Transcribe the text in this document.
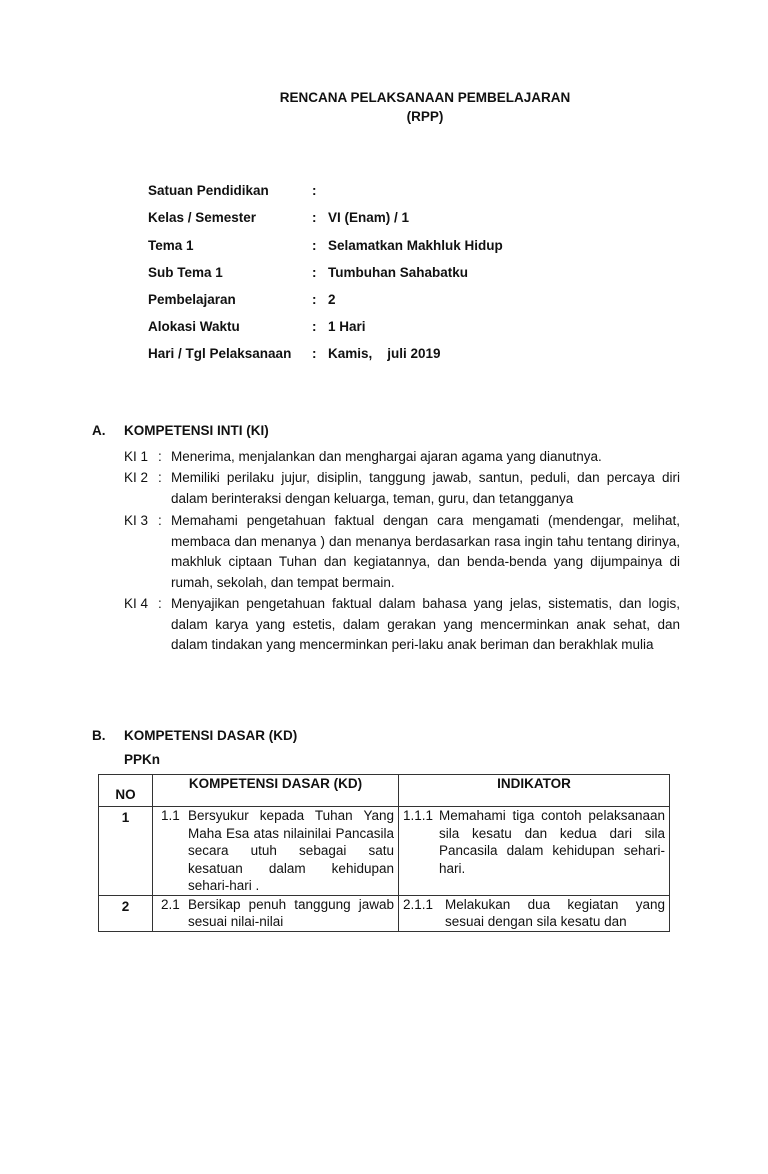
RENCANA PELAKSANAAN PEMBELAJARAN
(RPP)
Satuan Pendidikan	:
Kelas / Semester	: VI (Enam) / 1
Tema 1	: Selamatkan Makhluk Hidup
Sub Tema 1	: Tumbuhan Sahabatku
Pembelajaran	: 2
Alokasi Waktu	: 1 Hari
Hari / Tgl Pelaksanaan	: Kamis,    juli 2019
A. KOMPETENSI INTI (KI)
KI 1 : Menerima, menjalankan dan menghargai ajaran agama yang dianutnya.
KI 2 : Memiliki perilaku jujur, disiplin, tanggung jawab, santun, peduli, dan percaya diri dalam berinteraksi dengan keluarga, teman, guru, dan tetangganya
KI 3 : Memahami pengetahuan faktual dengan cara mengamati (mendengar, melihat, membaca dan menanya ) dan menanya berdasarkan rasa ingin tahu tentang dirinya, makhluk ciptaan Tuhan dan kegiatannya, dan benda-benda yang dijumpainya di rumah, sekolah, dan tempat bermain.
KI 4 : Menyajikan pengetahuan faktual dalam bahasa yang jelas, sistematis, dan logis, dalam karya yang estetis, dalam gerakan yang mencerminkan anak sehat, dan dalam tindakan yang mencerminkan peri-laku anak beriman dan berakhlak mulia
B. KOMPETENSI DASAR (KD)
PPKn
NO	KOMPETENSI DASAR (KD)	INDIKATOR
1	1.1 Bersyukur kepada Tuhan Yang Maha Esa atas nilainilai Pancasila secara utuh sebagai satu kesatuan dalam kehidupan sehari-hari .	1.1.1 Memahami tiga contoh pelaksanaan sila kesatu dan kedua dari sila Pancasila dalam kehidupan sehari-hari.

2	2.1 Bersikap penuh tanggung jawab sesuai nilai-nilai	2.1.1 Melakukan dua kegiatan yang sesuai dengan sila kesatu dan
